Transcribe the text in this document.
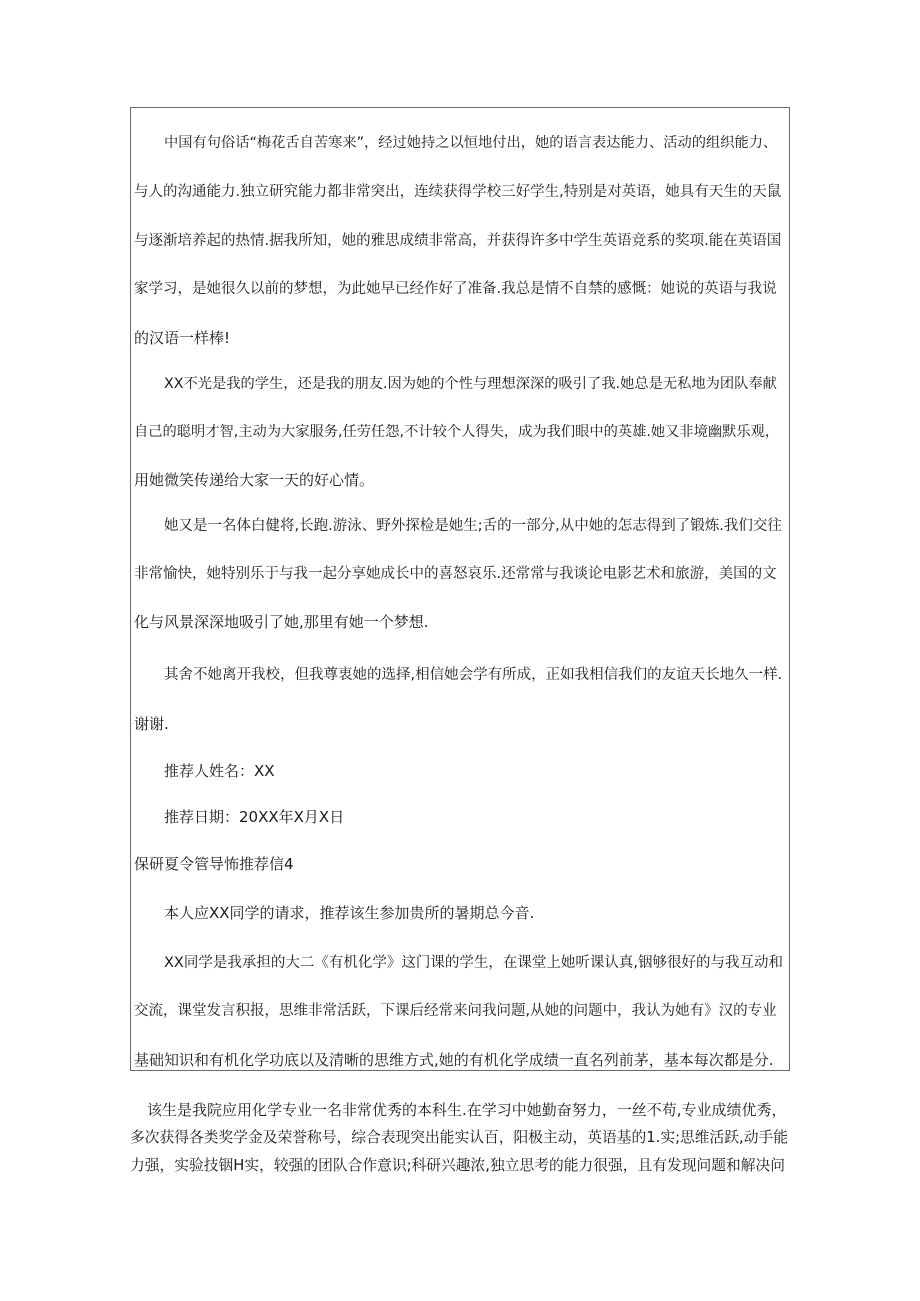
中国有句俗话“梅花舌自苦寒来”，经过她持之以恒地付出，她的语言表达能力、活动的组织能力、
与人的沟通能力.独立研究能力都非常突出，连续获得学校三好学生,特别是对英语，她具有天生的天鼠
与逐渐培养起的热情.据我所知，她的雅思成绩非常高，并获得许多中学生英语竞系的奖项.能在英语国
家学习，是她很久以前的梦想，为此她早已经作好了准备.我总是情不自禁的感慨：她说的英语与我说
的汉语一样棒!
XX不光是我的学生，还是我的朋友.因为她的个性与理想深深的吸引了我.她总是无私地为团队奉献
自己的聪明才智,主动为大家服务,任劳任怨,不计较个人得失，成为我们眼中的英雄.她又非境幽默乐观，
用她微笑传递给大家一天的好心情。
她又是一名体白健将,长跑.游泳、野外探检是她生;舌的一部分,从中她的怎志得到了锻炼.我们交往
非常愉快，她特别乐于与我一起分享她成长中的喜怒哀乐.还常常与我谈论电影艺术和旅游，美国的文
化与风景深深地吸引了她,那里有她一个梦想.
其舍不她离开我校，但我尊衷她的选择,相信她会学有所成，正如我相信我们的友谊天长地久一样.
谢谢.
推荐人姓名：XX
推荐日期：20XX年X月X日
保研夏令管导怖推荐信4
本人应XX同学的请求，推荐该生参加贵所的暑期总今音.
XX同学是我承担的大二《有机化学》这门课的学生，在课堂上她听课认真,铟够很好的与我互动和
交流，课堂发言积报，思维非常活跃，下课后经常来问我问题,从她的问题中，我认为她有》汉的专业
基础知识和有机化学功底以及清晰的思维方式,她的有机化学成绩一直名列前茅，基本每次都是分.
该生是我院应用化学专业一名非常优秀的本科生.在学习中她勤奋努力，一丝不苟,专业成绩优秀，
多次获得各类奖学金及荣誉称号，综合表现突出能实认百，阳极主动，英语基的1.实;思维活跃,动手能
力强，实验技铟H实，较强的团队合作意识;科研兴趣浓,独立思考的能力很强，且有发现问题和解决问
